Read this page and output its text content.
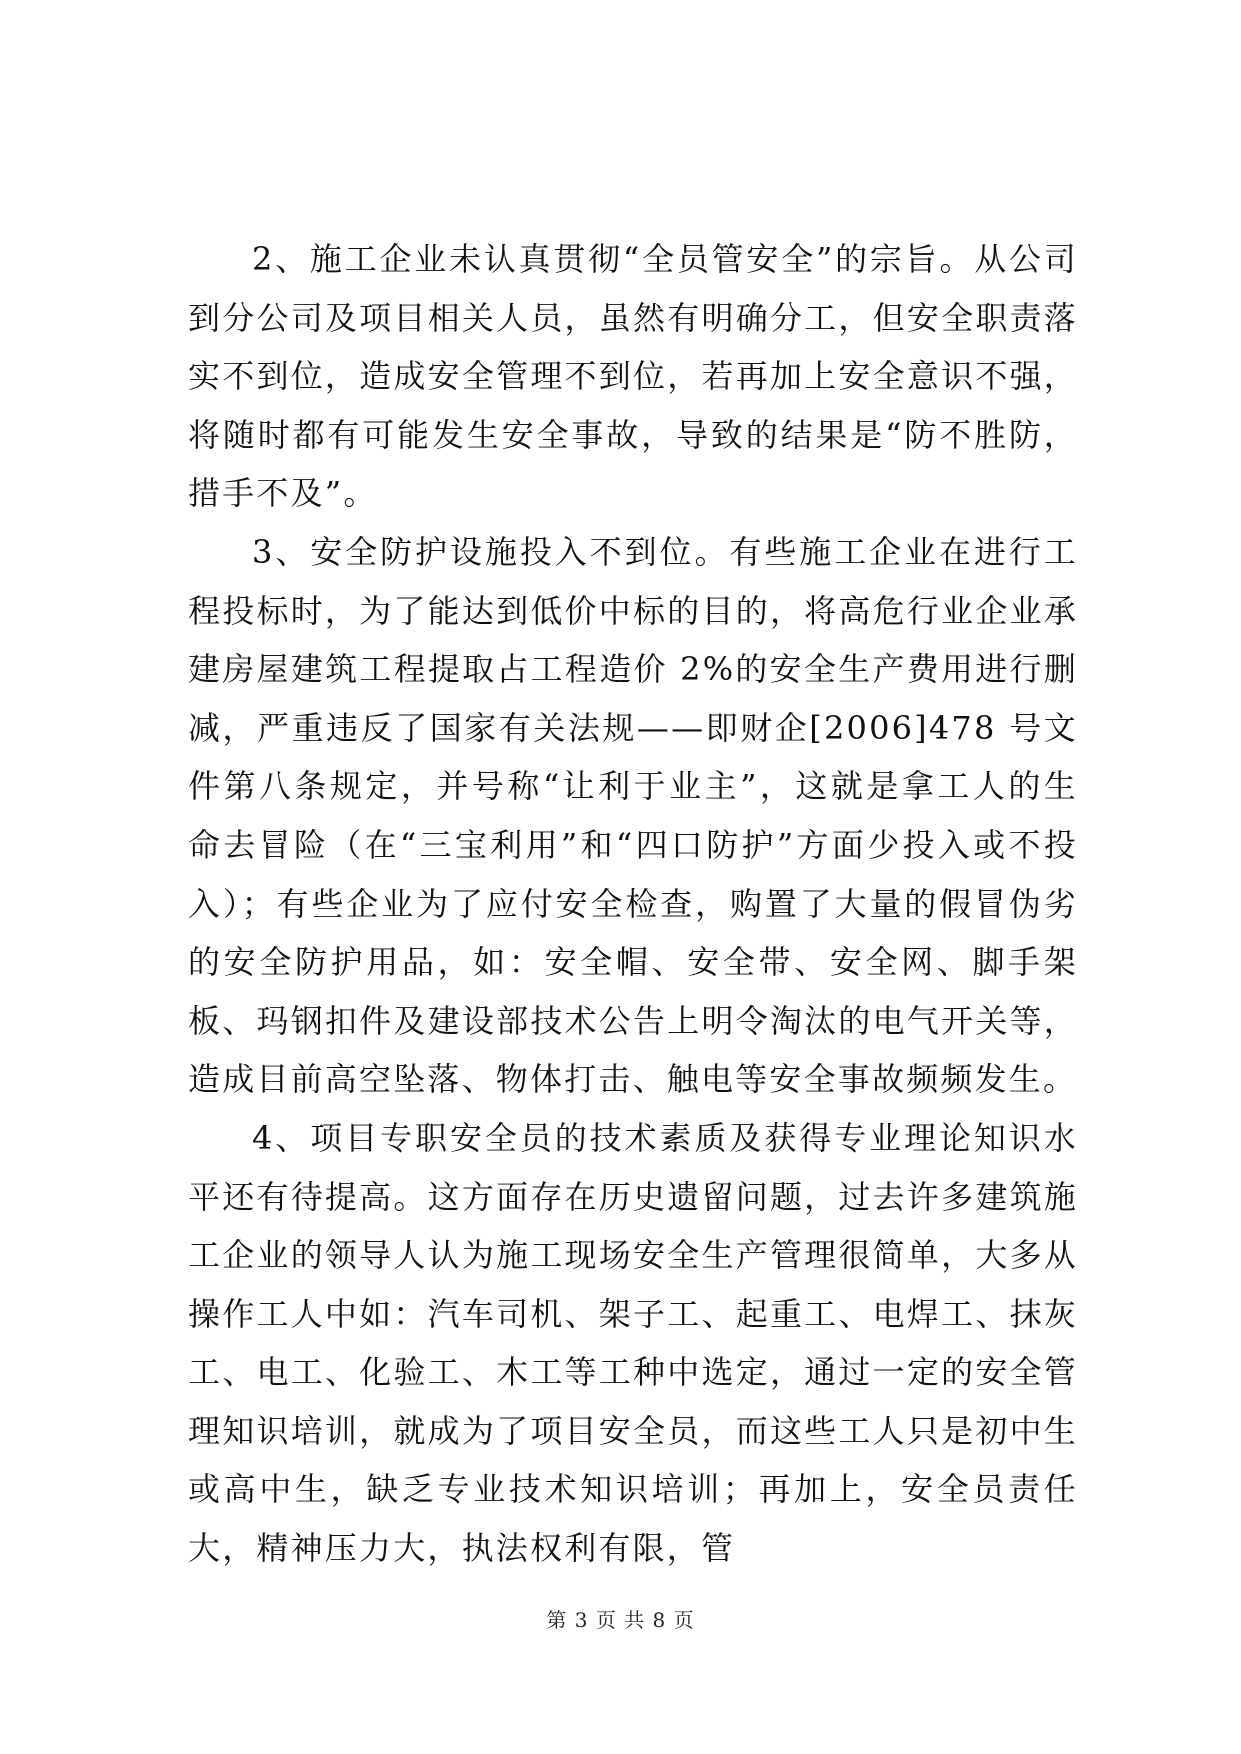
2、施工企业未认真贯彻“全员管安全”的宗旨。从公司到分公司及项目相关人员，虽然有明确分工，但安全职责落实不到位，造成安全管理不到位，若再加上安全意识不强，将随时都有可能发生安全事故，导致的结果是“防不胜防，措手不及”。

3、安全防护设施投入不到位。有些施工企业在进行工程投标时，为了能达到低价中标的目的，将高危行业企业承建房屋建筑工程提取占工程造价 2%的安全生产费用进行删减，严重违反了国家有关法规——即财企[2006]478 号文件第八条规定，并号称“让利于业主”，这就是拿工人的生命去冒险（在“三宝利用”和“四口防护”方面少投入或不投入）；有些企业为了应付安全检查，购置了大量的假冒伪劣的安全防护用品，如：安全帽、安全带、安全网、脚手架板、玛钢扣件及建设部技术公告上明令淘汰的电气开关等，造成目前高空坠落、物体打击、触电等安全事故频频发生。

4、项目专职安全员的技术素质及获得专业理论知识水平还有待提高。这方面存在历史遗留问题，过去许多建筑施工企业的领导人认为施工现场安全生产管理很简单，大多从操作工人中如：汽车司机、架子工、起重工、电焊工、抹灰工、电工、化验工、木工等工种中选定，通过一定的安全管理知识培训，就成为了项目安全员，而这些工人只是初中生或高中生，缺乏专业技术知识培训；再加上，安全员责任大，精神压力大，执法权利有限，管

第 3 页 共 8 页
